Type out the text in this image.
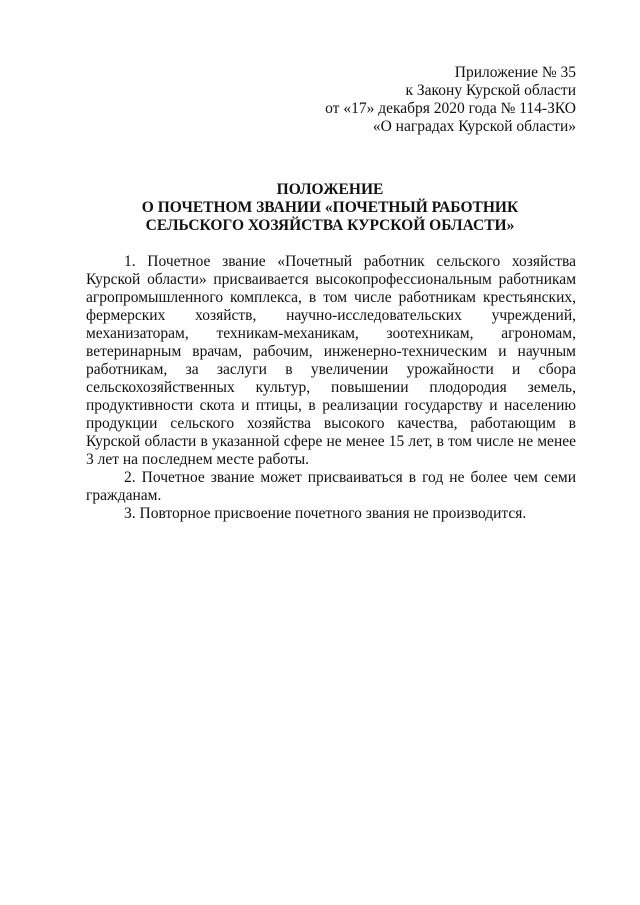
Приложение № 35
к Закону Курской области
от «17» декабря 2020 года № 114-ЗКО
«О наградах Курской области»
ПОЛОЖЕНИЕ
О ПОЧЕТНОМ ЗВАНИИ «ПОЧЕТНЫЙ РАБОТНИК
СЕЛЬСКОГО ХОЗЯЙСТВА КУРСКОЙ ОБЛАСТИ»

1. Почетное звание «Почетный работник сельского хозяйства Курской области» присваивается высокопрофессиональным работникам агропромышленного комплекса, в том числе работникам крестьянских, фермерских хозяйств, научно-исследовательских учреждений, механизаторам, техникам-механикам, зоотехникам, агрономам, ветеринарным врачам, рабочим, инженерно-техническим и научным работникам, за заслуги в увеличении урожайности и сбора сельскохозяйственных культур, повышении плодородия земель, продуктивности скота и птицы, в реализации государству и населению продукции сельского хозяйства высокого качества, работающим в Курской области в указанной сфере не менее 15 лет, в том числе не менее 3 лет на последнем месте работы.

2. Почетное звание может присваиваться в год не более чем семи гражданам.

3. Повторное присвоение почетного звания не производится.
